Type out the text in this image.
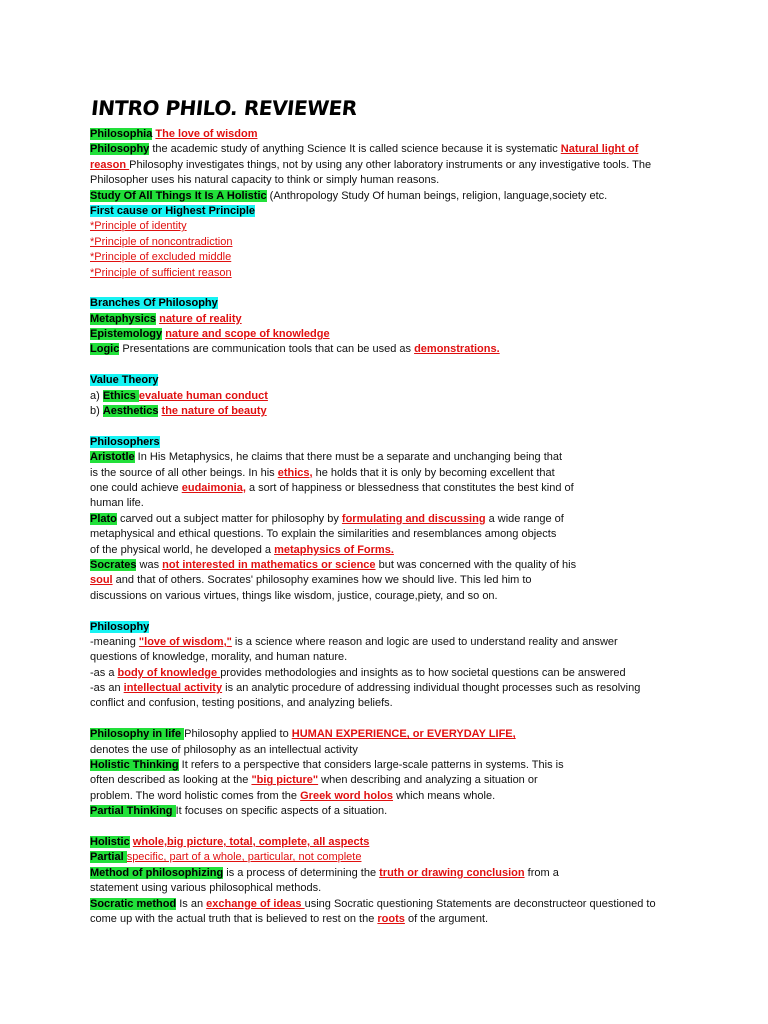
INTRO PHILO. REVIEWER
Philosophia The love of wisdom
Philosophy the academic study of anything Science It is called science because it is systematic Natural light of
reason Philosophy investigates things, not by using any other laboratory instruments or any investigative tools. The
Philosopher uses his natural capacity to think or simply human reasons.
Study Of All Things It Is A Holistic (Anthropology Study Of human beings, religion, language,society etc.
First cause or Highest Principle
*Principle of identity
*Principle of noncontradiction
*Principle of excluded middle
*Principle of sufficient reason
Branches Of Philosophy
Metaphysics nature of reality
Epistemology nature and scope of knowledge
Logic Presentations are communication tools that can be used as demonstrations.
Value Theory
a) Ethics evaluate human conduct
b) Aesthetics the nature of beauty
Philosophers
Aristotle In His Metaphysics, he claims that there must be a separate and unchanging being that
is the source of all other beings. In his ethics, he holds that it is only by becoming excellent that
one could achieve eudaimonia, a sort of happiness or blessedness that constitutes the best kind of
human life.
Plato carved out a subject matter for philosophy by formulating and discussing a wide range of
metaphysical and ethical questions. To explain the similarities and resemblances among objects
of the physical world, he developed a metaphysics of Forms.
Socrates was not interested in mathematics or science but was concerned with the quality of his
soul and that of others. Socrates' philosophy examines how we should live. This led him to
discussions on various virtues, things like wisdom, justice, courage,piety, and so on.
Philosophy
-meaning "love of wisdom," is a science where reason and logic are used to understand reality and answer
questions of knowledge, morality, and human nature.
-as a body of knowledge provides methodologies and insights as to how societal questions can be answered
-as an intellectual activity is an analytic procedure of addressing individual thought processes such as resolving
conflict and confusion, testing positions, and analyzing beliefs.
Philosophy in life Philosophy applied to HUMAN EXPERIENCE, or EVERYDAY LIFE,
denotes the use of philosophy as an intellectual activity
Holistic Thinking It refers to a perspective that considers large-scale patterns in systems. This is
often described as looking at the "big picture" when describing and analyzing a situation or
problem. The word holistic comes from the Greek word holos which means whole.
Partial Thinking It focuses on specific aspects of a situation.
Holistic whole,big picture, total, complete, all aspects
Partial specific, part of a whole, particular, not complete
Method of philosophizing is a process of determining the truth or drawing conclusion from a
statement using various philosophical methods.
Socratic method Is an exchange of ideas using Socratic questioning Statements are deconstructeor questioned to
come up with the actual truth that is believed to rest on the roots of the argument.
